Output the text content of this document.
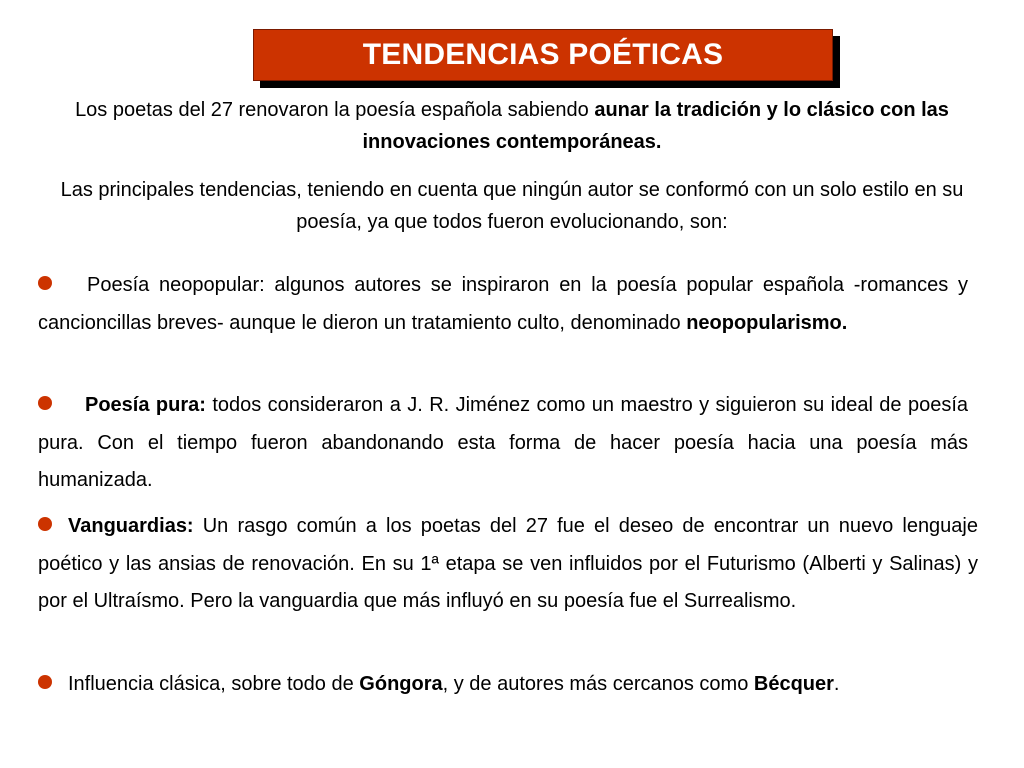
TENDENCIAS POÉTICAS
Los poetas del 27 renovaron la poesía española sabiendo aunar la tradición y lo clásico con las innovaciones contemporáneas.
Las principales tendencias, teniendo en cuenta que ningún autor se conformó con un solo estilo en su poesía, ya que todos fueron evolucionando, son:
Poesía neopopular: algunos autores se inspiraron en la poesía popular española -romances y cancioncillas breves- aunque le dieron un tratamiento culto, denominado neopopularismo.
Poesía pura: todos consideraron a J. R. Jiménez como un maestro y siguieron su ideal de poesía pura. Con el tiempo fueron abandonando esta forma de hacer poesía hacia una poesía más humanizada.
Vanguardias: Un rasgo común a los poetas del 27 fue el deseo de encontrar un nuevo lenguaje poético y las ansias de renovación. En su 1ª etapa se ven influidos por el Futurismo (Alberti y Salinas) y por el Ultraísmo. Pero la vanguardia que más influyó en su poesía fue el Surrealismo.
Influencia clásica, sobre todo de Góngora, y de autores más cercanos como Bécquer.
